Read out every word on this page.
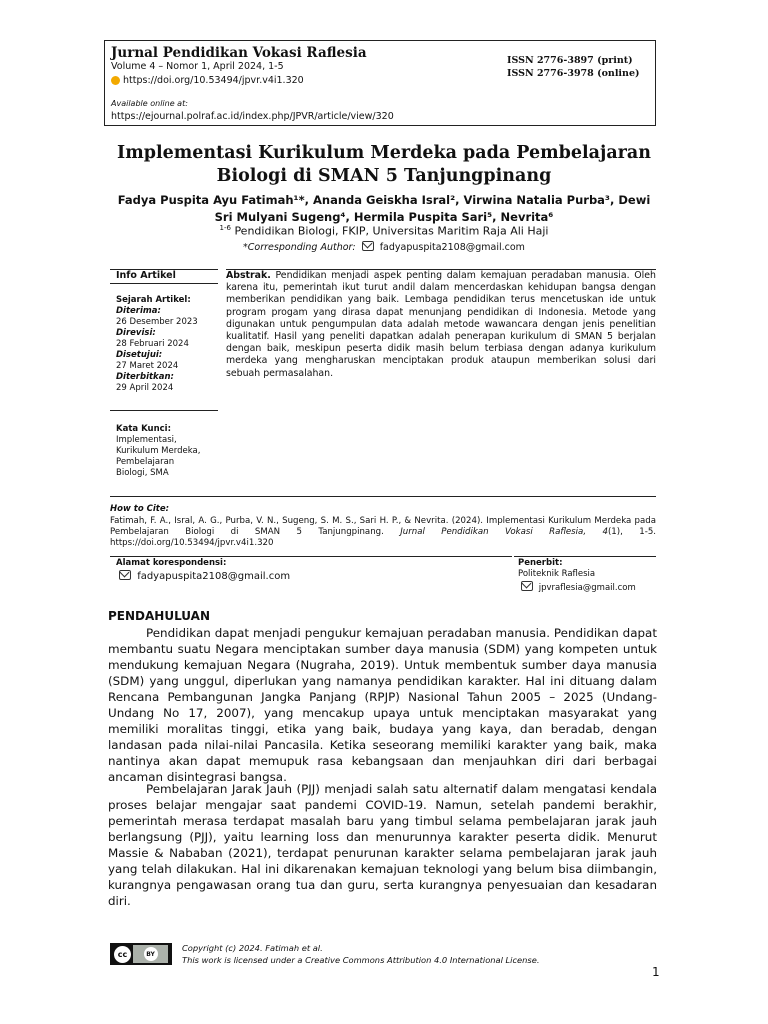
Jurnal Pendidikan Vokasi Raflesia
Volume 4 – Nomor 1, April 2024, 1-5
https://doi.org/10.53494/jpvr.v4i1.320
ISSN 2776-3897 (print)
ISSN 2776-3978 (online)
Available online at:
https://ejournal.polraf.ac.id/index.php/JPVR/article/view/320
Implementasi Kurikulum Merdeka pada Pembelajaran
Biologi di SMAN 5 Tanjungpinang
Fadya Puspita Ayu Fatimah¹*, Ananda Geiskha Isral², Virwina Natalia Purba³, Dewi
Sri Mulyani Sugeng⁴, Hermila Puspita Sari⁵, Nevrita⁶
$^{1-6}$ Pendidikan Biologi, FKIP, Universitas Maritim Raja Ali Haji
*Corresponding Author:	fadyapuspita2108@gmail.com
Info Artikel
Sejarah Artikel:
Diterima:
26 Desember 2023
Direvisi:
28 Februari 2024
Disetujui:
27 Maret 2024
Diterbitkan:
29 April 2024
Kata Kunci:
Implementasi,
Kurikulum Merdeka,
Pembelajaran
Biologi, SMA
Abstrak. Pendidikan menjadi aspek penting dalam kemajuan peradaban manusia. Oleh karena itu, pemerintah ikut turut andil dalam mencerdaskan kehidupan bangsa dengan memberikan pendidikan yang baik. Lembaga pendidikan terus mencetuskan ide untuk program progam yang dirasa dapat menunjang pendidikan di Indonesia. Metode yang digunakan untuk pengumpulan data adalah metode wawancara dengan jenis penelitian kualitatif. Hasil yang peneliti dapatkan adalah penerapan kurikulum di SMAN 5 berjalan dengan baik, meskipun peserta didik masih belum terbiasa dengan adanya kurikulum merdeka yang mengharuskan menciptakan produk ataupun memberikan solusi dari sebuah permasalahan.
How to Cite:
Fatimah, F. A., Isral, A. G., Purba, V. N., Sugeng, S. M. S., Sari H. P., & Nevrita. (2024). Implementasi Kurikulum Merdeka pada Pembelajaran Biologi di SMAN 5 Tanjungpinang. Jurnal Pendidikan Vokasi Raflesia, 4(1), 1-5. https://doi.org/10.53494/jpvr.v4i1.320
Alamat korespondensi:
fadyapuspita2108@gmail.com
Penerbit:
Politeknik Raflesia
jpvraflesia@gmail.com
PENDAHULUAN
Pendidikan dapat menjadi pengukur kemajuan peradaban manusia. Pendidikan dapat membantu suatu Negara menciptakan sumber daya manusia (SDM) yang kompeten untuk mendukung kemajuan Negara (Nugraha, 2019). Untuk membentuk sumber daya manusia (SDM) yang unggul, diperlukan yang namanya pendidikan karakter. Hal ini dituang dalam Rencana Pembangunan Jangka Panjang (RPJP) Nasional Tahun 2005 – 2025 (Undang-Undang No 17, 2007), yang mencakup upaya untuk menciptakan masyarakat yang memiliki moralitas tinggi, etika yang baik, budaya yang kaya, dan beradab, dengan landasan pada nilai-nilai Pancasila. Ketika seseorang memiliki karakter yang baik, maka nantinya akan dapat memupuk rasa kebangsaan dan menjauhkan diri dari berbagai ancaman disintegrasi bangsa.
Pembelajaran Jarak Jauh (PJJ) menjadi salah satu alternatif dalam mengatasi kendala proses belajar mengajar saat pandemi COVID-19. Namun, setelah pandemi berakhir, pemerintah merasa terdapat masalah baru yang timbul selama pembelajaran jarak jauh berlangsung (PJJ), yaitu learning loss dan menurunnya karakter peserta didik. Menurut Massie & Nababan (2021), terdapat penurunan karakter selama pembelajaran jarak jauh yang telah dilakukan. Hal ini dikarenakan kemajuan teknologi yang belum bisa diimbangin, kurangnya pengawasan orang tua dan guru, serta kurangnya penyesuaian dan kesadaran diri.
cc	BY
Copyright (c) 2024. Fatimah et al.
This work is licensed under a Creative Commons Attribution 4.0 International License.
1
